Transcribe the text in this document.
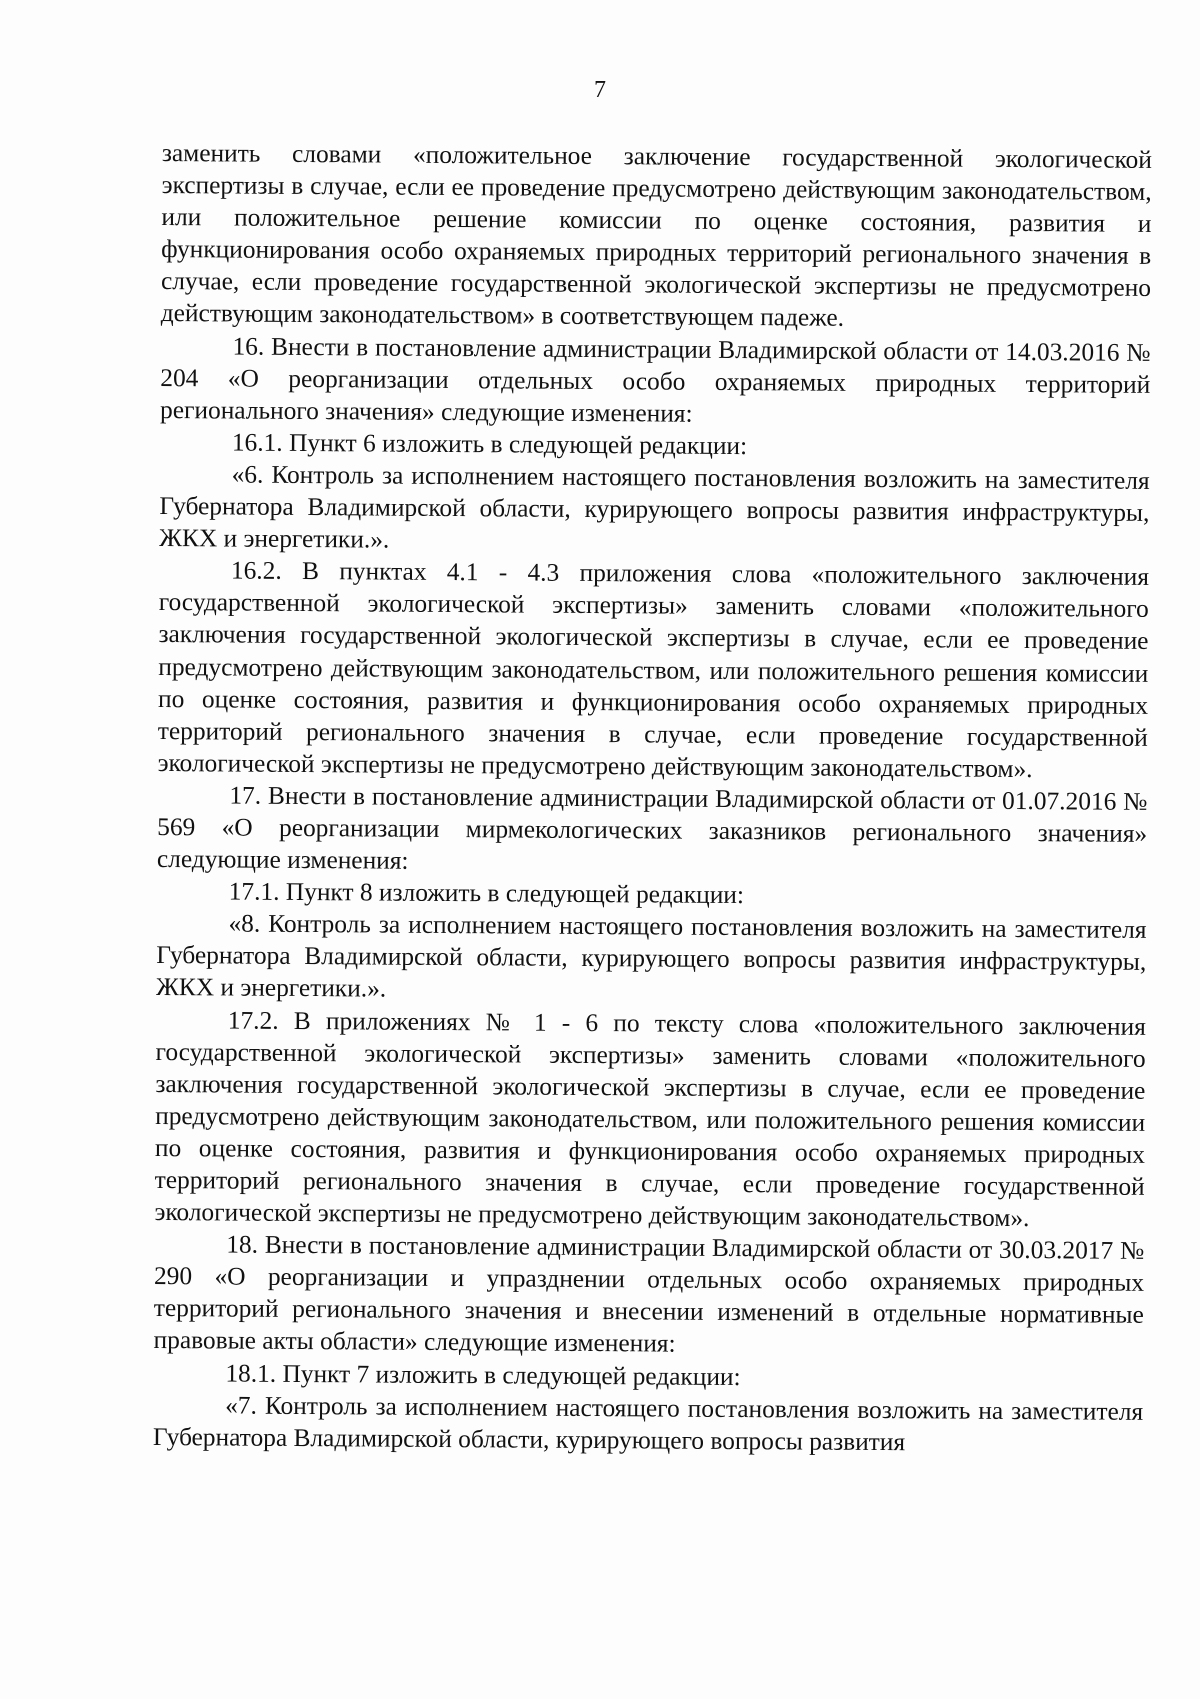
7

заменить словами «положительное заключение государственной экологической экспертизы в случае, если ее проведение предусмотрено действующим законодательством, или положительное решение комиссии по оценке состояния, развития и функционирования особо охраняемых природных территорий регионального значения в случае, если проведение государственной экологической экспертизы не предусмотрено действующим законодательством» в соответствующем падеже.

16. Внести в постановление администрации Владимирской области от 14.03.2016 № 204 «О реорганизации отдельных особо охраняемых природных территорий регионального значения» следующие изменения:

16.1. Пункт 6 изложить в следующей редакции:

«6. Контроль за исполнением настоящего постановления возложить на заместителя Губернатора Владимирской области, курирующего вопросы развития инфраструктуры, ЖКХ и энергетики.».

16.2. В пунктах 4.1 - 4.3 приложения слова «положительного заключения государственной экологической экспертизы» заменить словами «положительного заключения государственной экологической экспертизы в случае, если ее проведение предусмотрено действующим законодательством, или положительного решения комиссии по оценке состояния, развития и функционирования особо охраняемых природных территорий регионального значения в случае, если проведение государственной экологической экспертизы не предусмотрено действующим законодательством».

17. Внести в постановление администрации Владимирской области от 01.07.2016 № 569 «О реорганизации мирмекологических заказников регионального значения» следующие изменения:

17.1. Пункт 8 изложить в следующей редакции:

«8. Контроль за исполнением настоящего постановления возложить на заместителя Губернатора Владимирской области, курирующего вопросы развития инфраструктуры, ЖКХ и энергетики.».

17.2. В приложениях № 1 - 6 по тексту слова «положительного заключения государственной экологической экспертизы» заменить словами «положительного заключения государственной экологической экспертизы в случае, если ее проведение предусмотрено действующим законодательством, или положительного решения комиссии по оценке состояния, развития и функционирования особо охраняемых природных территорий регионального значения в случае, если проведение государственной экологической экспертизы не предусмотрено действующим законодательством».

18. Внести в постановление администрации Владимирской области от 30.03.2017 № 290 «О реорганизации и упразднении отдельных особо охраняемых природных территорий регионального значения и внесении изменений в отдельные нормативные правовые акты области» следующие изменения:

18.1. Пункт 7 изложить в следующей редакции:

«7. Контроль за исполнением настоящего постановления возложить на заместителя Губернатора Владимирской области, курирующего вопросы развития
